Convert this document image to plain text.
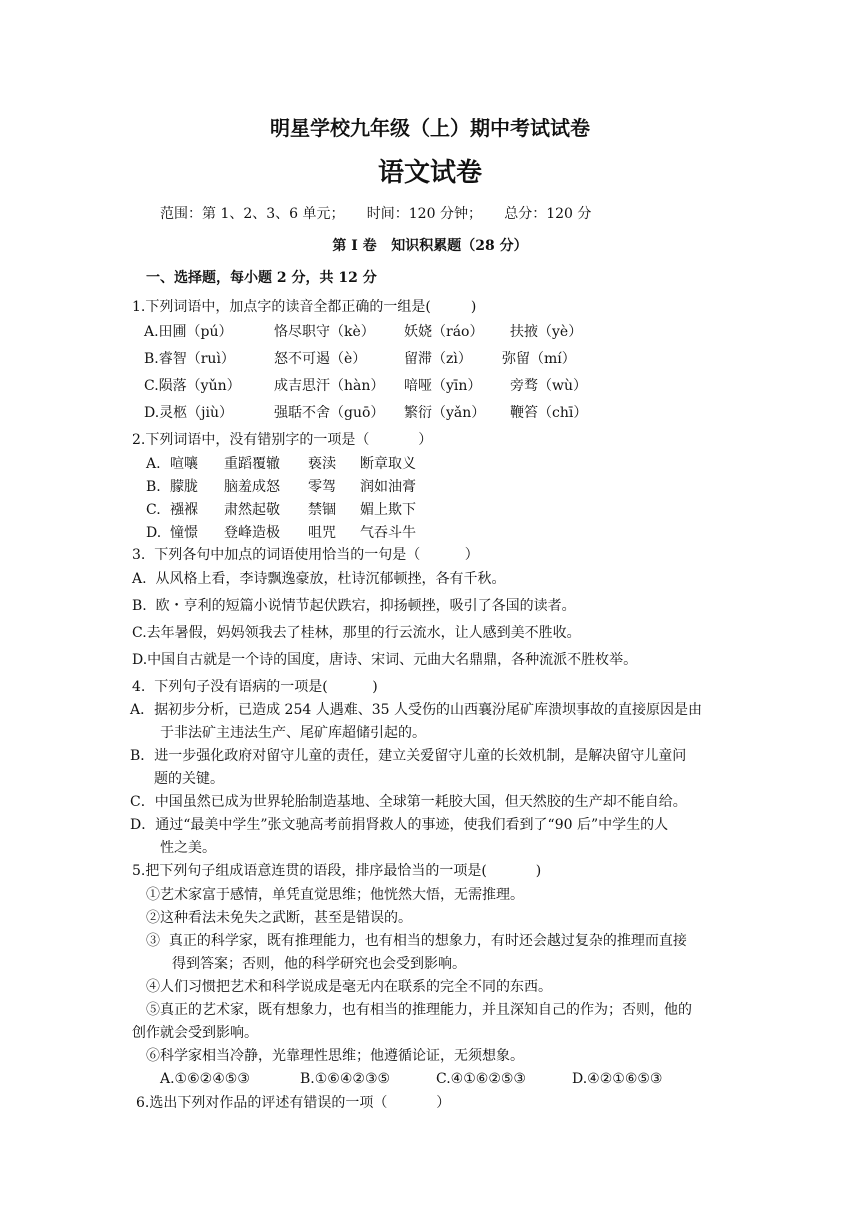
明星学校九年级（上）期中考试试卷
语文试卷
范围：第 1、2、3、6 单元；     时间：120 分钟；     总分：120 分
第 I 卷   知识积累题（28 分）
一、选择题，每小题 2 分，共 12 分
1.下列词语中，加点字的读音全都正确的一组是(         )
A.田圃（pú）	恪尽职守（kè）	妖娆（ráo）	扶掖（yè）
B.睿智（ruì）	怒不可遏（è）	留滞（zì）	弥留（mí）
C.陨落（yǔn）	成吉思汗（hàn）	喑哑（yīn）	旁骛（wù）
D.灵柩（jiù）	强聒不舍（guō）	繁衍（yǎn）	鞭笞（chī）
2.下列词语中，没有错别字的一项是（           ）
A. 喧嚷	重蹈覆辙	亵渎	断章取义
B. 朦胧	脑羞成怒	零驾	润如油膏
C. 襁褓	肃然起敬	禁锢	媚上欺下
D. 憧憬	登峰造极	咀咒	气吞斗牛
3.  下列各句中加点的词语使用恰当的一句是（          ）
A.  从风格上看，李诗飘逸豪放，杜诗沉郁顿挫，各有千秋。
B.  欧・亨利的短篇小说情节起伏跌宕，抑扬顿挫，吸引了各国的读者。
C.去年暑假，妈妈领我去了桂林，那里的行云流水，让人感到美不胜收。
D.中国自古就是一个诗的国度，唐诗、宋词、元曲大名鼎鼎，各种流派不胜枚举。
4.  下列句子没有语病的一项是(          )
A．据初步分析，已造成 254 人遇难、35 人受伤的山西襄汾尾矿库溃坝事故的直接原因是由
于非法矿主违法生产、尾矿库超储引起的。
B．进一步强化政府对留守儿童的责任，建立关爱留守儿童的长效机制，是解决留守儿童问
题的关键。
C．中国虽然已成为世界轮胎制造基地、全球第一耗胶大国，但天然胶的生产却不能自给。
D．通过“最美中学生”张文驰高考前捐肾救人的事迹，使我们看到了“90 后”中学生的人
性之美。
5.把下列句子组成语意连贯的语段，排序最恰当的一项是(           )
①艺术家富于感情，单凭直觉思维；他恍然大悟，无需推理。
②这种看法未免失之武断，甚至是错误的。
③  真正的科学家，既有推理能力，也有相当的想象力，有时还会越过复杂的推理而直接
得到答案；否则，他的科学研究也会受到影响。
④人们习惯把艺术和科学说成是毫无内在联系的完全不同的东西。
⑤真正的艺术家，既有想象力，也有相当的推理能力，并且深知自己的作为；否则，他的
创作就会受到影响。
⑥科学家相当冷静，光靠理性思维；他遵循论证，无须想象。
A.①⑥②④⑤③	B.①⑥④②③⑤	C.④①⑥②⑤③	D.④②①⑥⑤③
6.选出下列对作品的评述有错误的一项（           ）
